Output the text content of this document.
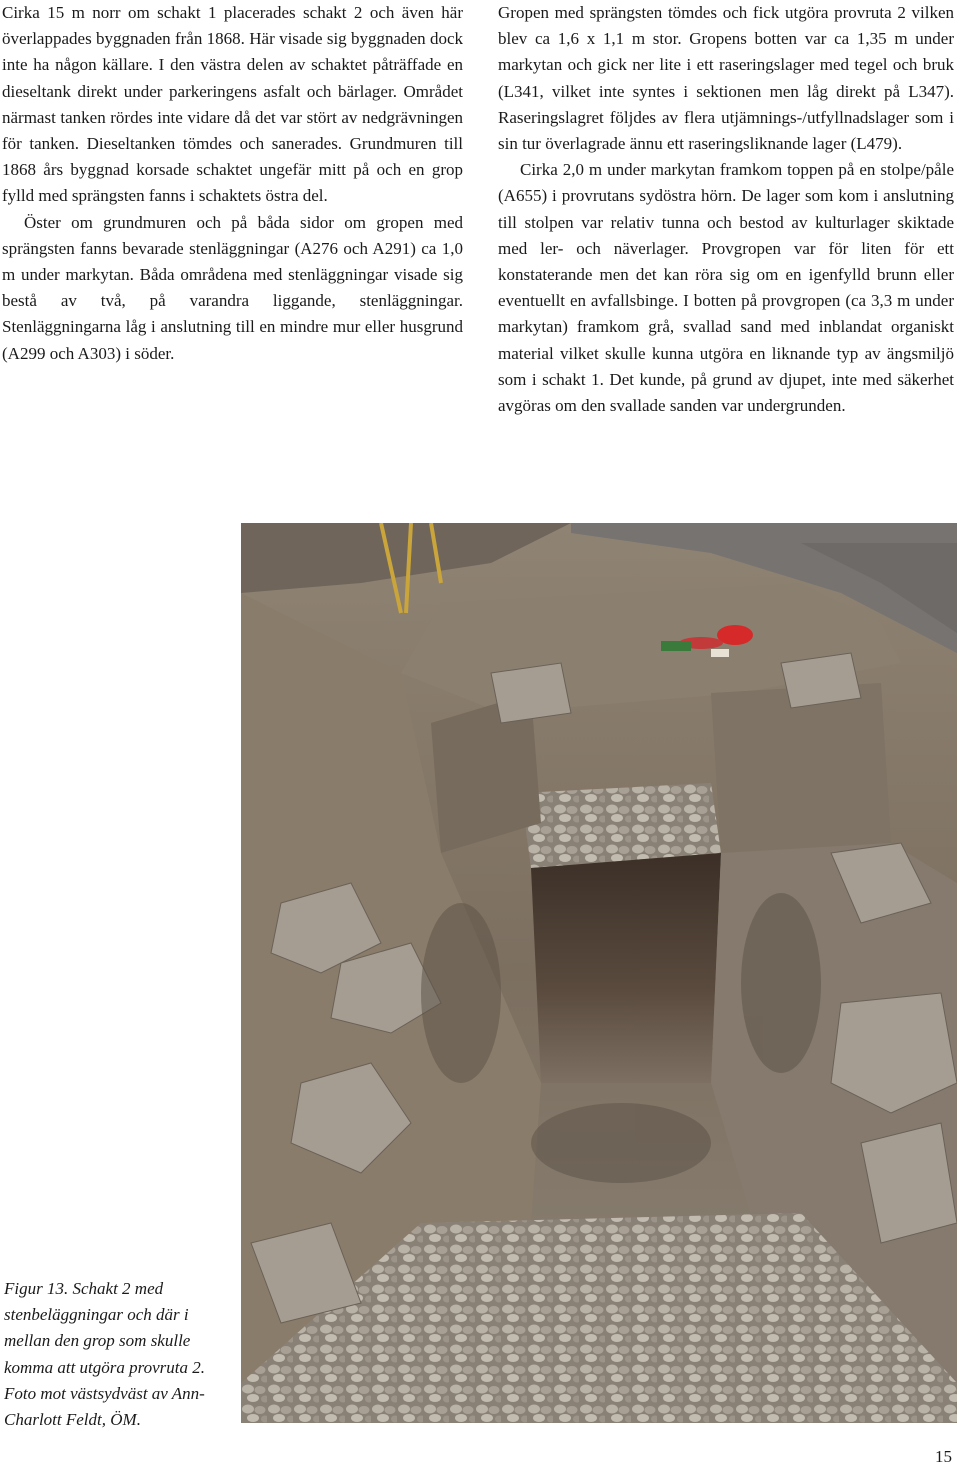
Cirka 15 m norr om schakt 1 placerades schakt 2 och även här överlappades byggnaden från 1868. Här visade sig byggnaden dock inte ha någon källare. I den västra delen av schaktet påträffade en dieseltank direkt under parkeringens asfalt och bärlager. Området närmast tanken rördes inte vidare då det var stört av nedgrävningen för tanken. Dieseltanken tömdes och sanerades. Grundmuren till 1868 års byggnad korsade schaktet ungefär mitt på och en grop fylld med sprängsten fanns i schaktets östra del.

Öster om grundmuren och på båda sidor om gropen med sprängsten fanns bevarade stenläggningar (A276 och A291) ca 1,0 m under markytan. Båda områdena med stenläggningar visade sig bestå av två, på varandra liggande, stenläggningar. Stenläggningarna låg i anslutning till en mindre mur eller husgrund (A299 och A303) i söder.

Gropen med sprängsten tömdes och fick utgöra provruta 2 vilken blev ca 1,6 x 1,1 m stor. Gropens botten var ca 1,35 m under markytan och gick ner lite i ett raseringslager med tegel och bruk (L341, vilket inte syntes i sektionen men låg direkt på L347). Raseringslagret följdes av flera utjämnings-/utfyllnadslager som i sin tur överlagrade ännu ett raseringsliknande lager (L479).

Cirka 2,0 m under markytan framkom toppen på en stolpe/påle (A655) i provrutans sydöstra hörn. De lager som kom i anslutning till stolpen var relativ tunna och bestod av kulturlager skiktade med ler- och näverlager. Provgropen var för liten för ett konstaterande men det kan röra sig om en igenfylld brunn eller eventuellt en avfallsbinge. I botten på provgropen (ca 3,3 m under markytan) framkom grå, svallad sand med inblandat organiskt material vilket skulle kunna utgöra en liknande typ av ängsmiljö som i schakt 1. Det kunde, på grund av djupet, inte med säkerhet avgöras om den svallade sanden var undergrunden.

Figur 13. Schakt 2 med stenbeläggningar och där i mellan den grop som skulle komma att utgöra provruta 2. Foto mot västsydväst av Ann-Charlott Feldt, ÖM.
15
